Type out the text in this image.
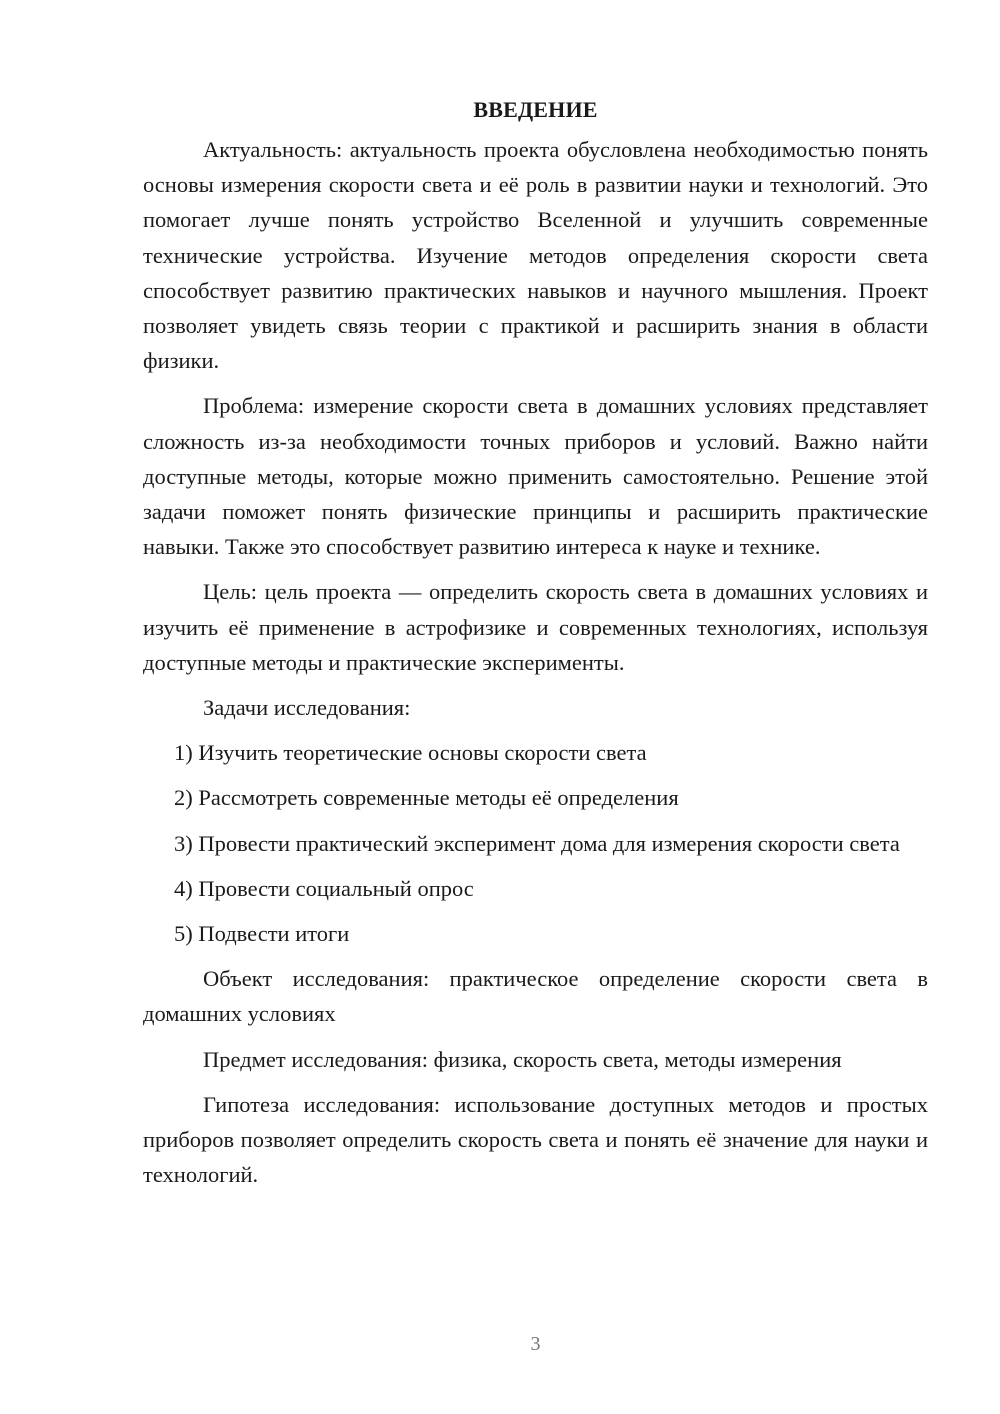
ВВЕДЕНИЕ

Актуальность: актуальность проекта обусловлена необходимостью понять основы измерения скорости света и её роль в развитии науки и технологий. Это помогает лучше понять устройство Вселенной и улучшить современные технические устройства. Изучение методов определения скорости света способствует развитию практических навыков и научного мышления. Проект позволяет увидеть связь теории с практикой и расширить знания в области физики.

Проблема: измерение скорости света в домашних условиях представляет сложность из-за необходимости точных приборов и условий. Важно найти доступные методы, которые можно применить самостоятельно. Решение этой задачи поможет понять физические принципы и расширить практические навыки. Также это способствует развитию интереса к науке и технике.

Цель: цель проекта — определить скорость света в домашних условиях и изучить её применение в астрофизике и современных технологиях, используя доступные методы и практические эксперименты.

Задачи исследования:

1) Изучить теоретические основы скорости света

2) Рассмотреть современные методы её определения

3) Провести практический эксперимент дома для измерения скорости света

4) Провести социальный опрос

5) Подвести итоги

Объект исследования: практическое определение скорости света в домашних условиях

Предмет исследования: физика, скорость света, методы измерения

Гипотеза исследования: использование доступных методов и простых приборов позволяет определить скорость света и понять её значение для науки и технологий.

3
